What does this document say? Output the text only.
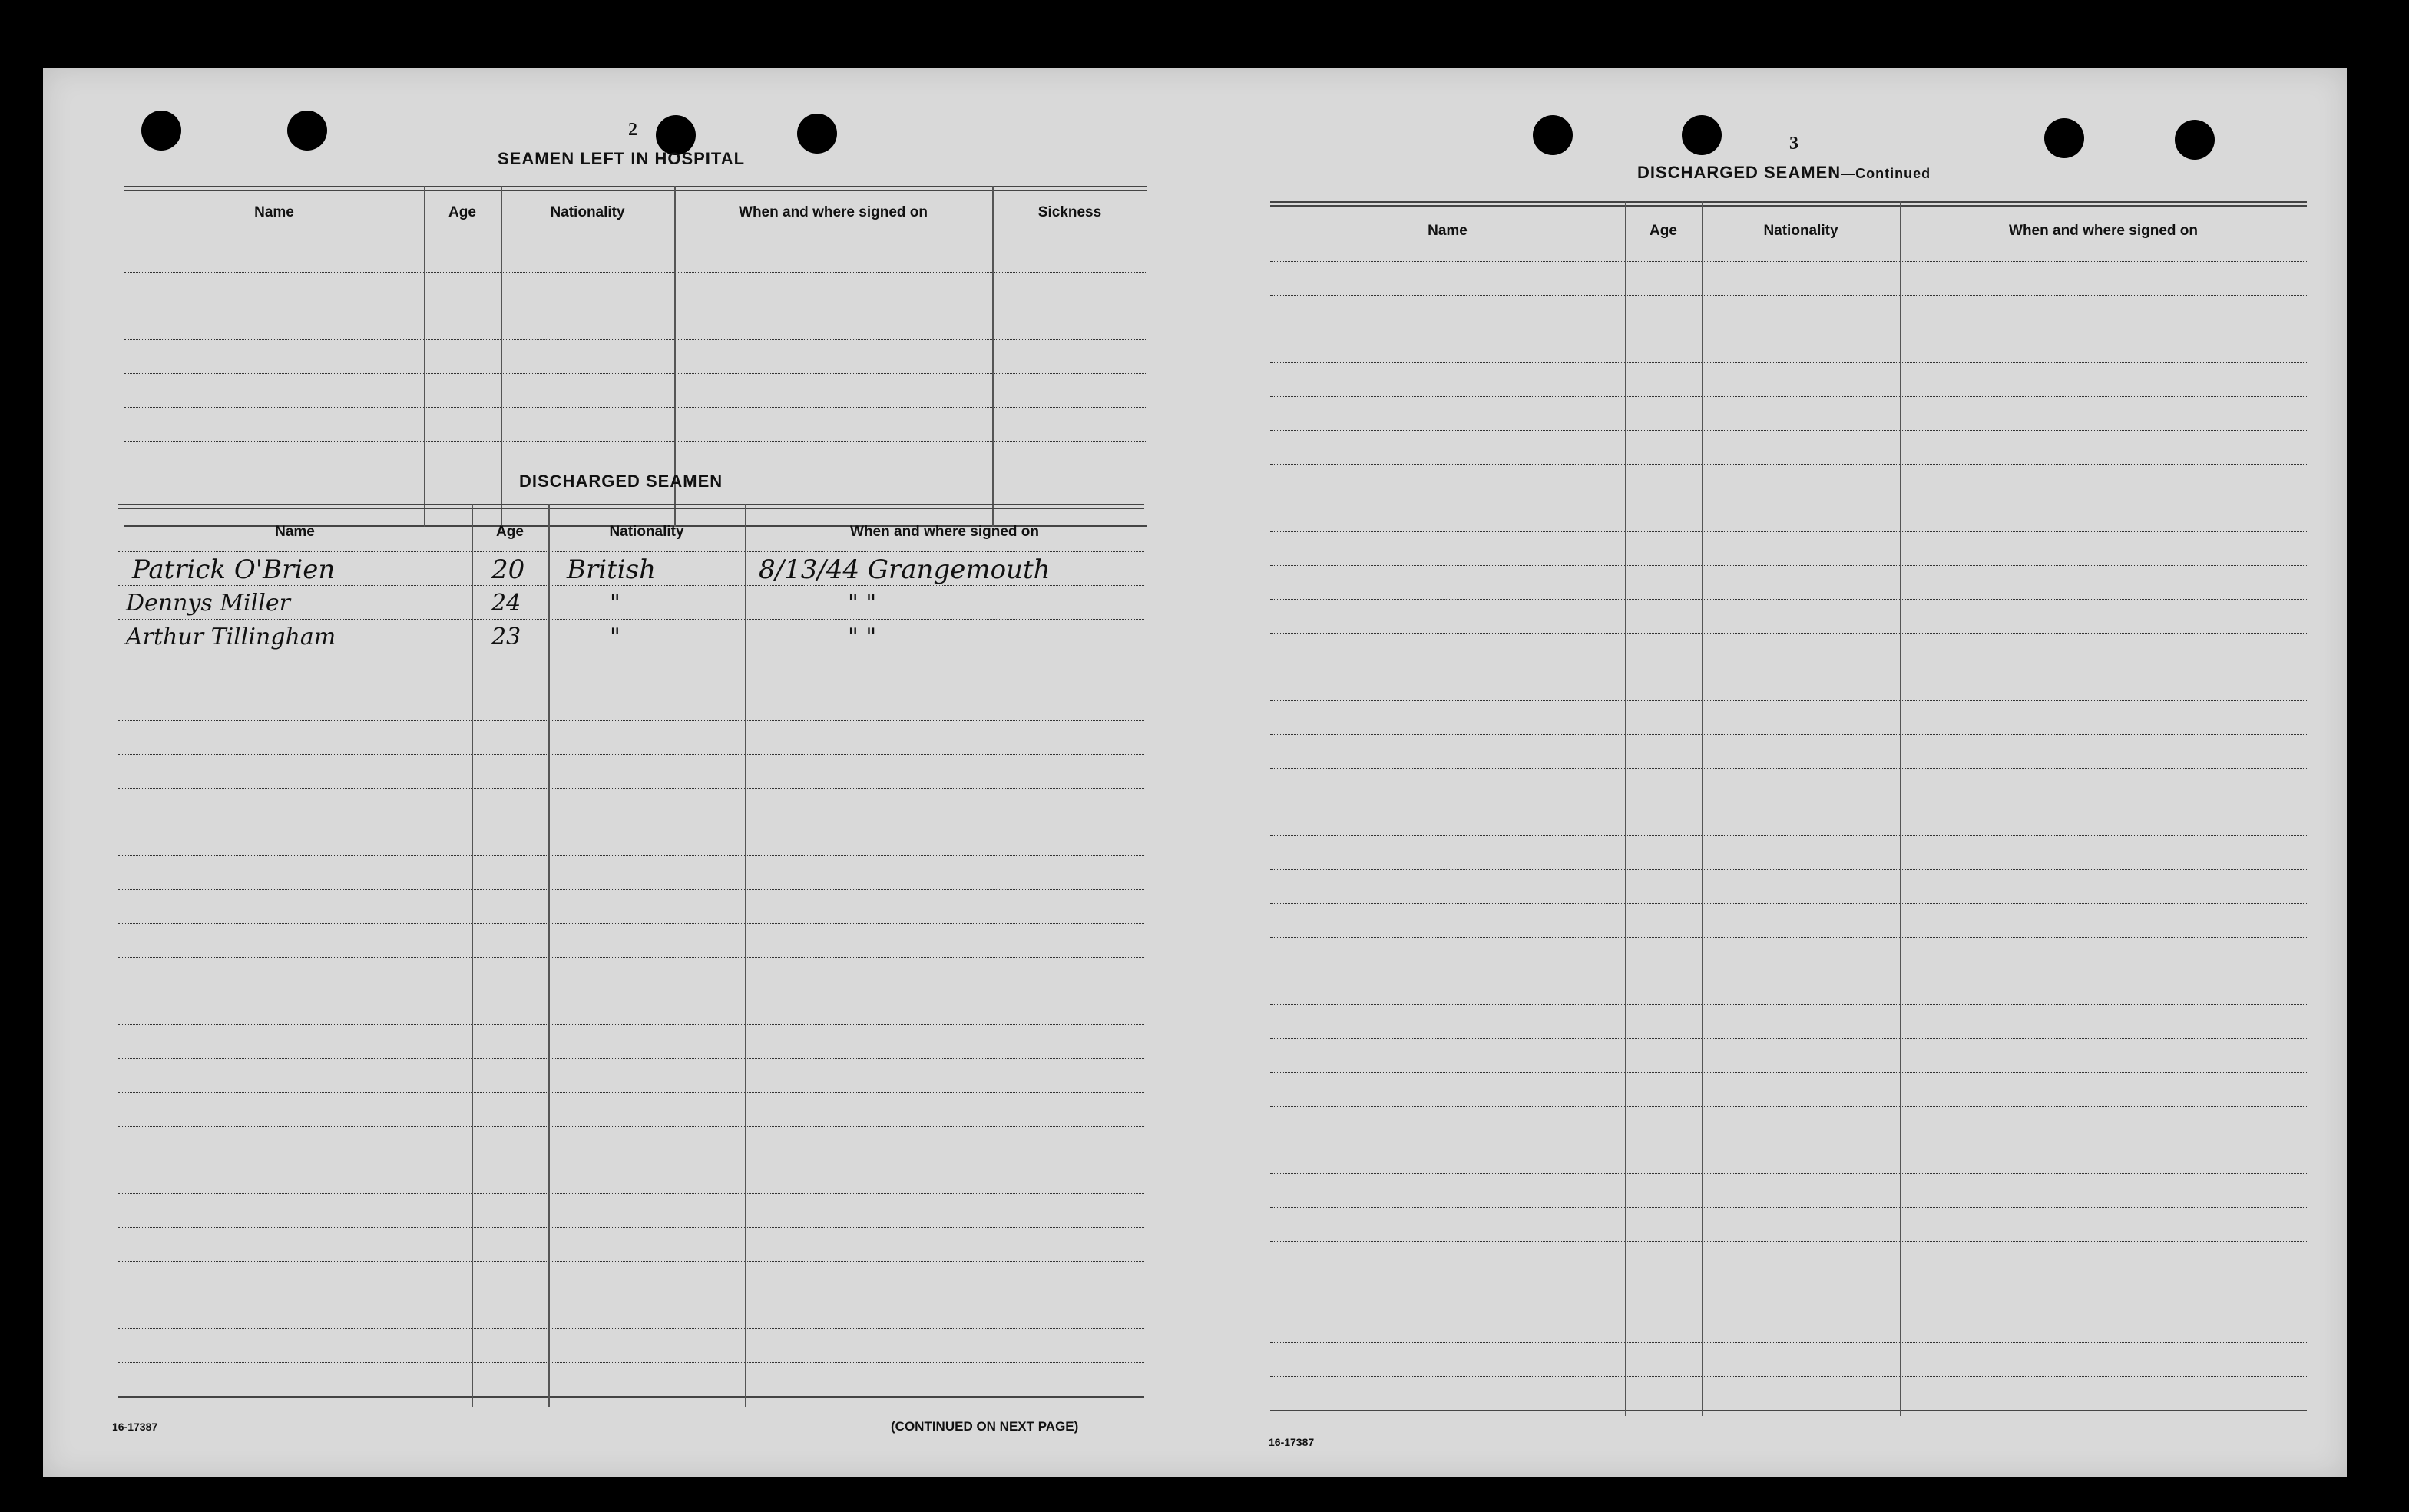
2
SEAMEN LEFT IN HOSPITAL
Name	Age	Nationality	When and where signed on	Sickness
DISCHARGED SEAMEN
Name	Age	Nationality	When and where signed on
Patrick O'Brien	20 British	8/13/44 Grangemouth
Dennys Miller	24	"	" "
Arthur Tillingham	23	"	" "
16-17387	(CONTINUED ON NEXT PAGE)
3
DISCHARGED SEAMEN—Continued
Name	Age	Nationality	When and where signed on
16-17387
